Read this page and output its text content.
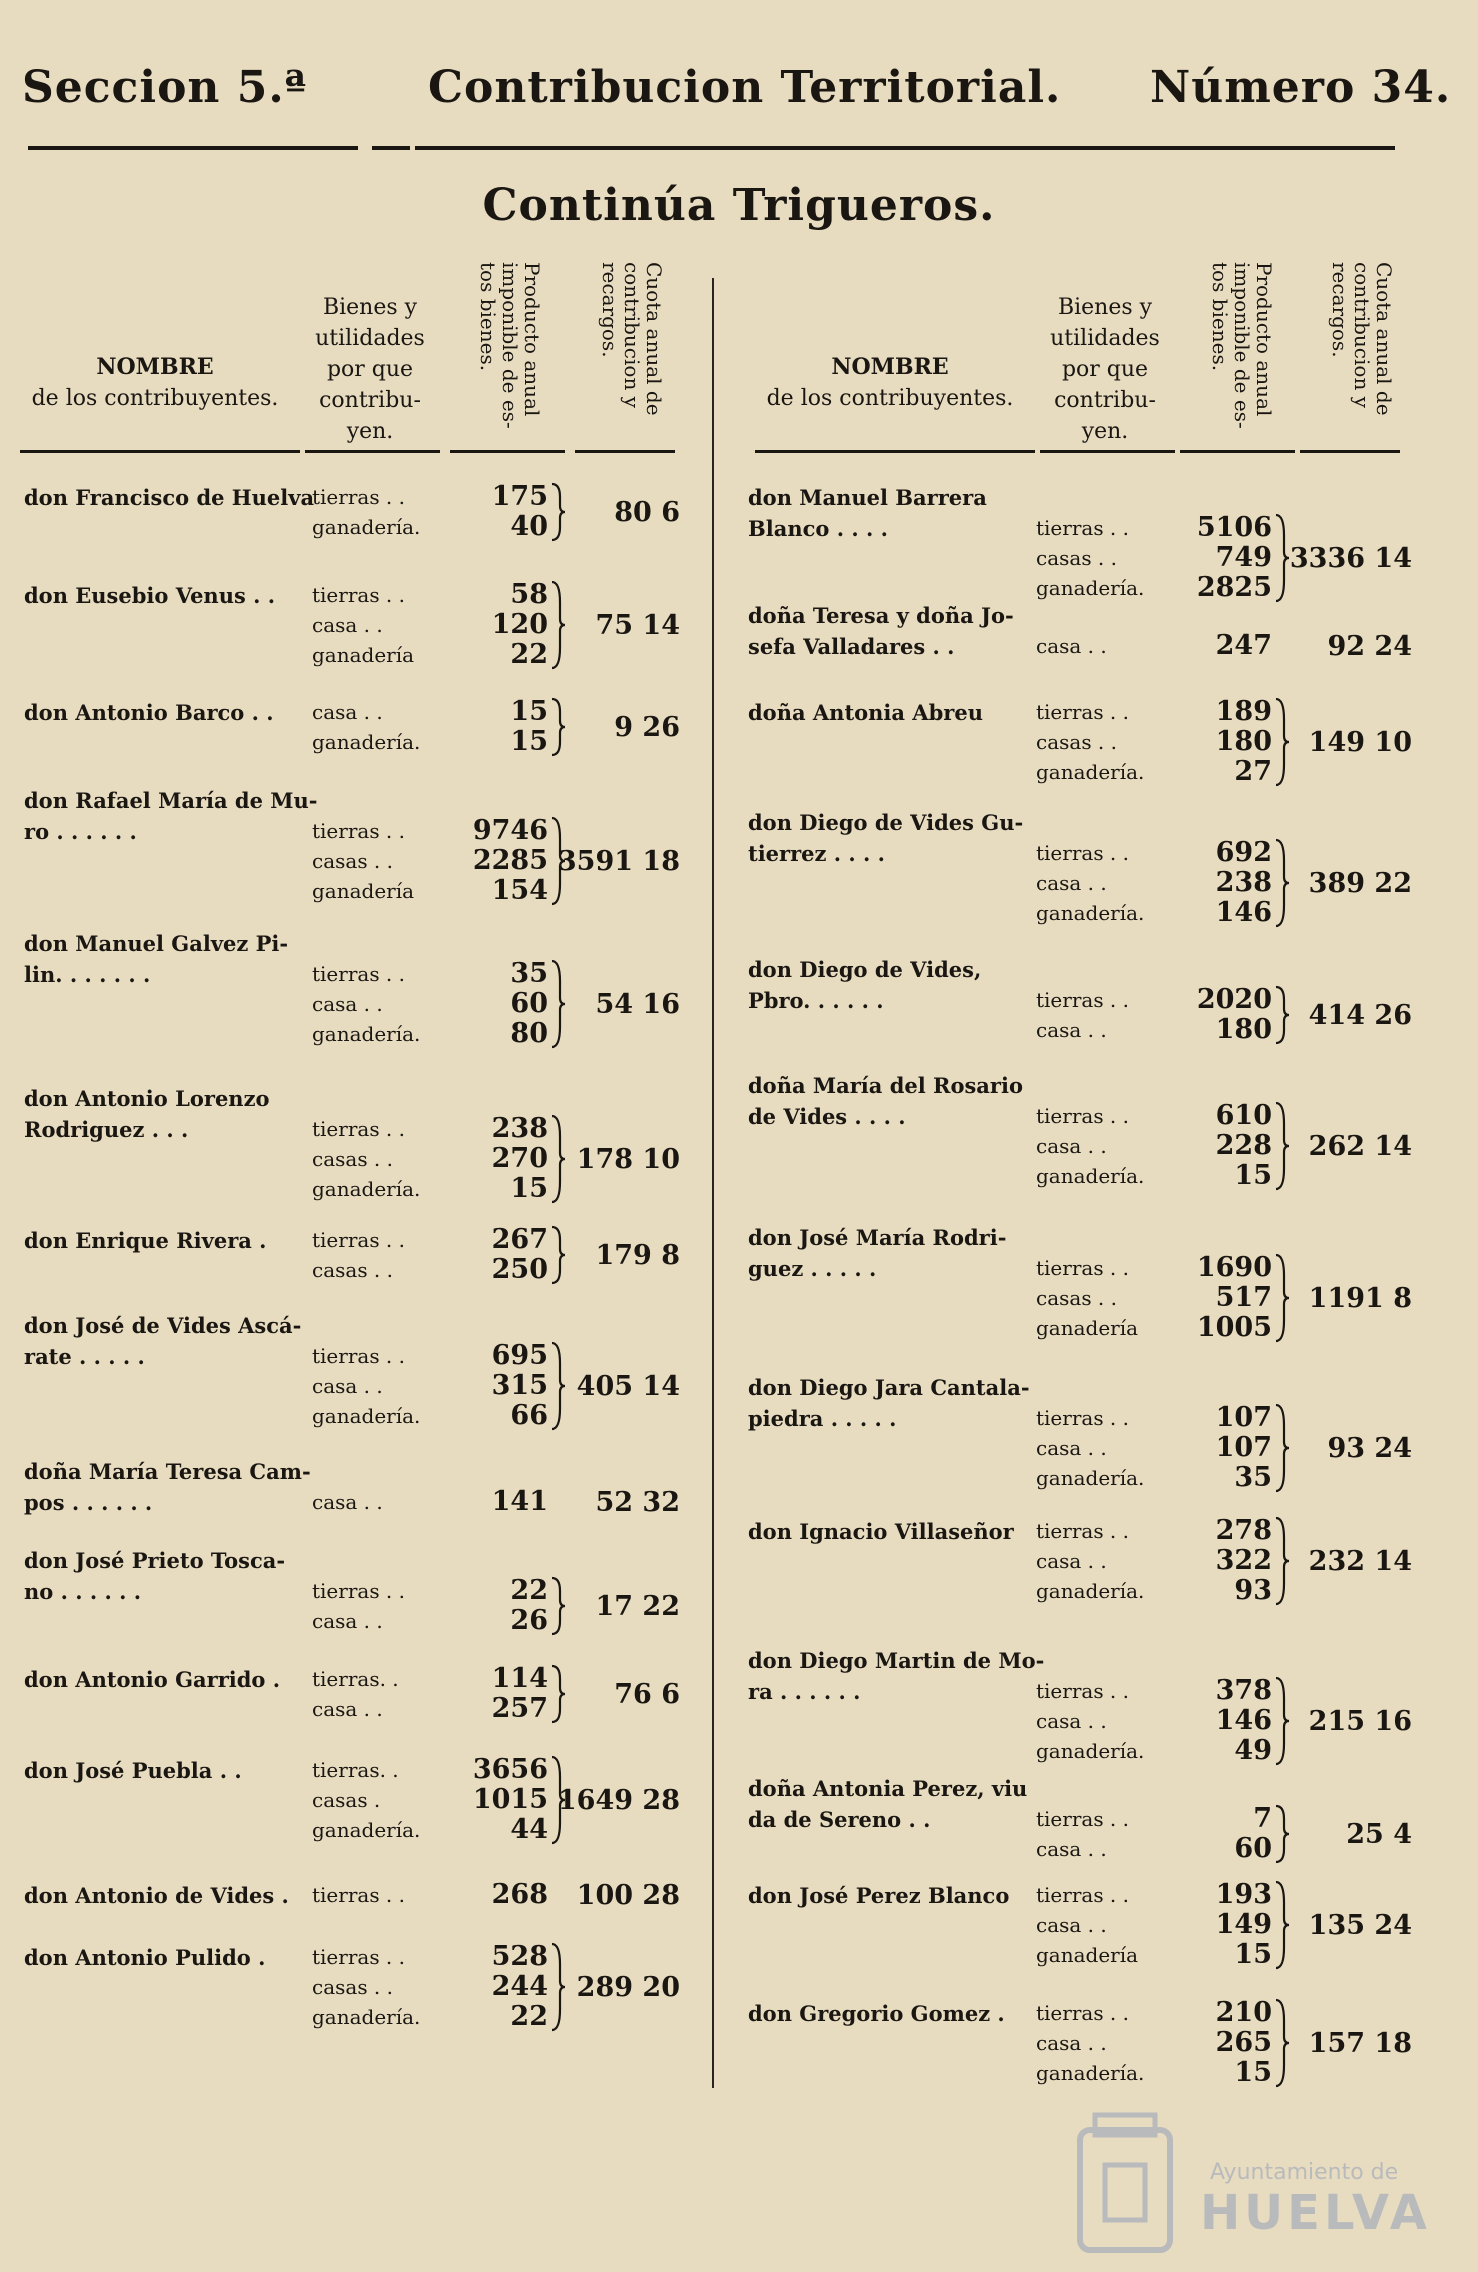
Seccion 5.ª	Contribucion Territorial. Número 34.
Continúa Trigueros.
NOMBRE
de los contribuyentes.
Bienes y
utilidades
por que
contribu-
yen.
Producto anual imponible de es- tos bienes.	Cuota anual de contribucion y recargos.
NOMBRE
de los contribuyentes.
Bienes y
utilidades
por que
contribu-
yen.
Producto anual imponible de es- tos bienes.	Cuota anual de contribucion y recargos.
don Francisco de Huelva
tierras . .	175
ganadería.	40	80 6
don Eusebio Venus . . tierras . .	58
casa . .	120
ganadería	22
75 14
don Antonio Barco . . casa . .	15
ganadería.	15	9 26
don Rafael María de Mu-
ro . . . . . .	tierras . .	9746
casas . .	2285
ganadería	154
3591 18
don Manuel Galvez Pi-
lin. . . . . . .	tierras . .	35
casa . .	60
ganadería.	80
54 16
don Antonio Lorenzo
Rodriguez . . .	tierras . .	238
casas . .	270
ganadería.	15
178 10
don Enrique Rivera . tierras . .	267
casas . .	250	179 8
don José de Vides Ascá-
rate . . . . .	tierras . .	695
casa . .	315
ganadería.	66
405 14
doña María Teresa Cam-
pos . . . . . .	casa . .	141	52 32
don José Prieto Tosca-
no . . . . . .	tierras . .	22
casa . .	26	17 22
don Antonio Garrido . tierras. .	114
casa . .	257	76 6
don José Puebla . .	tierras. .	3656
casas .	1015
ganadería.	44
1649 28
don Antonio de Vides . tierras . .	268	100 28
don Antonio Pulido . tierras . .	528
casas . .	244
ganadería.	22
289 20
don Manuel Barrera
Blanco . . . .	tierras . .	5106
casas . .	749
ganadería.	2825
3336 14
doña Teresa y doña Jo-
sefa Valladares . .	casa . .	247	92 24
doña Antonia Abreu	tierras . .	189
casas . .	180
ganadería.	27
149 10
don Diego de Vides Gu-
tierrez . . . .	tierras . .	692
casa . .	238
ganadería.	146
389 22
don Diego de Vides,
Pbro. . . . . .	tierras . .	2020
casa . .	180	414 26
doña María del Rosario
de Vides . . . .	tierras . .	610
casa . .	228
ganadería.	15
262 14
don José María Rodri-
guez . . . . .	tierras . .	1690
casas . .	517
ganadería	1005
1191 8
don Diego Jara Cantala-
piedra . . . . .	tierras . .	107
casa . .	107
ganadería.	35
93 24
don Ignacio Villaseñor tierras . .	278
casa . .	322
ganadería.	93
232 14
don Diego Martin de Mo-
ra . . . . . .	tierras . .	378
casa . .	146
ganadería.	49
215 16
doña Antonia Perez, viu
da de Sereno . .	tierras . .	7
casa . .	60	25 4
don José Perez Blanco tierras . .	193
casa . .	149
ganadería	15
135 24
don Gregorio Gomez . tierras . .	210
casa . .	265
ganadería.	15
157 18
Ayuntamiento de
HUELVA
